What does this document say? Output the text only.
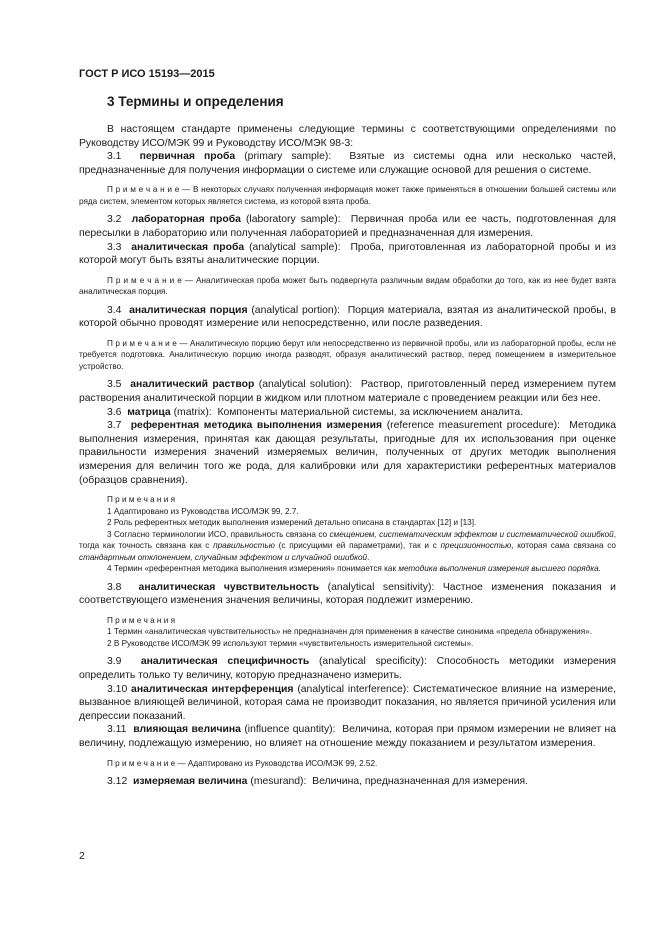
ГОСТ Р ИСО 15193—2015
3 Термины и определения

В настоящем стандарте применены следующие термины с соответствующими определениями по Руководству ИСО/МЭК 99 и Руководству ИСО/МЭК 98-3:

3.1 первичная проба (primary sample): Взятые из системы одна или несколько частей, предназначенные для получения информации о системе или служащие основой для решения о системе.

П р и м е ч а н и е — В некоторых случаях полученная информация может также применяться в отношении большей системы или ряда систем, элементом которых является система, из которой взята проба.

3.2 лабораторная проба (laboratory sample): Первичная проба или ее часть, подготовленная для пересылки в лабораторию или полученная лабораторией и предназначенная для измерения.

3.3 аналитическая проба (analytical sample): Проба, приготовленная из лабораторной пробы и из которой могут быть взяты аналитические порции.

П р и м е ч а н и е — Аналитическая проба может быть подвергнута различным видам обработки до того, как из нее будет взята аналитическая порция.

3.4 аналитическая порция (analytical portion): Порция материала, взятая из аналитической пробы, в которой обычно проводят измерение или непосредственно, или после разведения.

П р и м е ч а н и е — Аналитическую порцию берут или непосредственно из первичной пробы, или из лабораторной пробы, если не требуется подготовка. Аналитическую порцию иногда разводят, образуя аналитический раствор, перед помещением в измерительное устройство.

3.5 аналитический раствор (analytical solution): Раствор, приготовленный перед измерением путем растворения аналитической порции в жидком или плотном материале с проведением реакции или без нее.

3.6 матрица (matrix): Компоненты материальной системы, за исключением аналита.

3.7 референтная методика выполнения измерения (reference measurement procedure): Методика выполнения измерения, принятая как дающая результаты, пригодные для их использования при оценке правильности измерения значений измеряемых величин, полученных от других методик выполнения измерения для величин того же рода, для калибровки или для характеристики референтных материалов (образцов сравнения).

П р и м е ч а н и я

1 Адаптировано из Руководства ИСО/МЭК 99, 2.7.

2 Роль референтных методик выполнения измерений детально описана в стандартах [12] и [13].

3 Согласно терминологии ИСО, правильность связана со смещением, систематическим эффектом и систематической ошибкой, тогда как точность связана как с правильностью (с присущими ей параметрами), так и с прецизионностью, которая сама связана со стандартным отклонением, случайным эффектом и случайной ошибкой.

4 Термин «референтная методика выполнения измерения» понимается как методика выполнения измерения высшего порядка.

3.8 аналитическая чувствительность (analytical sensitivity): Частное изменения показания и соответствующего изменения значения величины, которая подлежит измерению.

П р и м е ч а н и я

1 Термин «аналитическая чувствительность» не предназначен для применения в качестве синонима «предела обнаружения».

2 В Руководстве ИСО/МЭК 99 используют термин «чувствительность измерительной системы».

3.9 аналитическая специфичность (analytical specificity): Способность методики измерения определить только ту величину, которую предназначено измерить.

3.10 аналитическая интерференция (analytical interference): Систематическое влияние на измерение, вызванное влияющей величиной, которая сама не производит показания, но является причиной усиления или депрессии показаний.

3.11 влияющая величина (influence quantity): Величина, которая при прямом измерении не влияет на величину, подлежащую измерению, но влияет на отношение между показанием и результатом измерения.

П р и м е ч а н и е — Адаптировано из Руководства ИСО/МЭК 99, 2.52.

3.12 измеряемая величина (mesurand): Величина, предназначенная для измерения.

2
